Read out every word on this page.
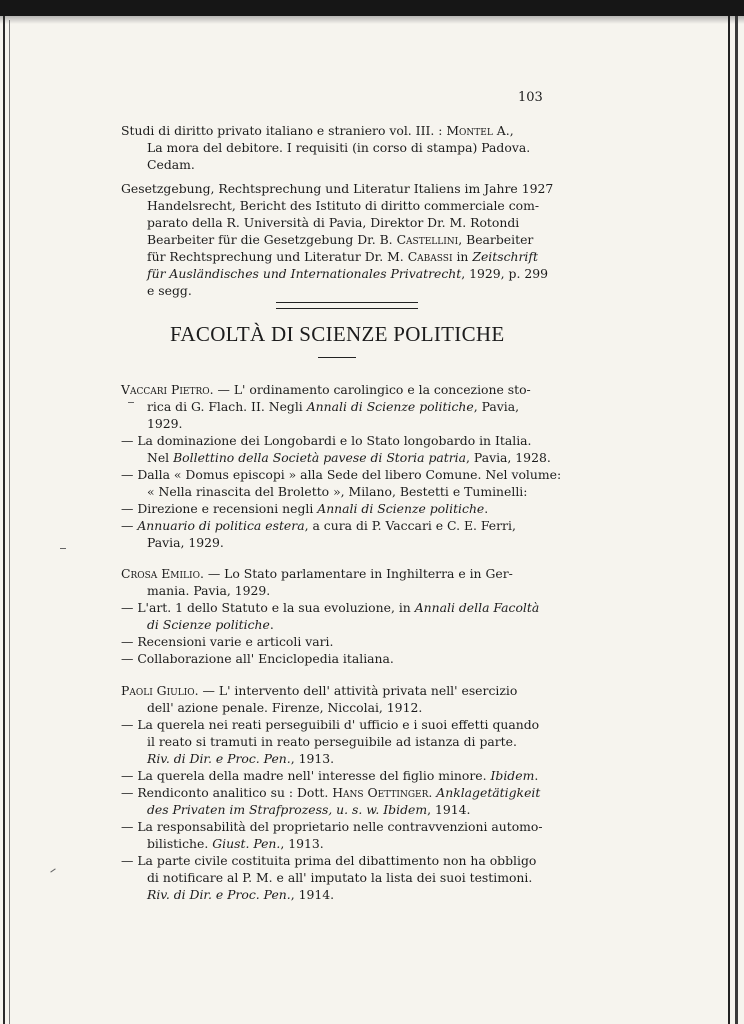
103

Studi di diritto privato italiano e straniero vol. III. : Montel A.,

La mora del debitore. I requisiti (in corso di stampa) Padova.

Cedam.

Gesetzgebung, Rechtsprechung und Literatur Italiens im Jahre 1927

Handelsrecht, Bericht des Istituto di diritto commerciale com-

parato della R. Università di Pavia, Direktor Dr. M. Rotondi

Bearbeiter für die Gesetzgebung Dr. B. Castellini, Bearbeiter

für Rechtsprechung und Literatur Dr. M. Cabassi in Zeitschrift

für Ausländisches und Internationales Privatrecht, 1929, p. 299

e segg.

FACOLTÀ DI SCIENZE POLITICHE

Vaccari Pietro. — L' ordinamento carolingico e la concezione sto-

rica di G. Flach. II. Negli Annali di Scienze politiche, Pavia,

1929.

— La dominazione dei Longobardi e lo Stato longobardo in Italia.

Nel Bollettino della Società pavese di Storia patria, Pavia, 1928.

— Dalla « Domus episcopi » alla Sede del libero Comune. Nel volume:

« Nella rinascita del Broletto », Milano, Bestetti e Tuminelli:

— Direzione e recensioni negli Annali di Scienze politiche.

— Annuario di politica estera, a cura di P. Vaccari e C. E. Ferri,

Pavia, 1929.

Crosa Emilio. — Lo Stato parlamentare in Inghilterra e in Ger-

mania. Pavia, 1929.

— L'art. 1 dello Statuto e la sua evoluzione, in Annali della Facoltà

di Scienze politiche.

— Recensioni varie e articoli vari.

— Collaborazione all' Enciclopedia italiana.

Paoli Giulio. — L' intervento dell' attività privata nell' esercizio

dell' azione penale. Firenze, Niccolai, 1912.

— La querela nei reati perseguibili d' ufficio e i suoi effetti quando

il reato si tramuti in reato perseguibile ad istanza di parte.

Riv. di Dir. e Proc. Pen., 1913.

— La querela della madre nell' interesse del figlio minore. Ibidem.

— Rendiconto analitico su : Dott. Hans Oettinger. Anklagetätigkeit

des Privaten im Strafprozess, u. s. w. Ibidem, 1914.

— La responsabilità del proprietario nelle contravvenzioni automo-

bilistiche. Giust. Pen., 1913.

— La parte civile costituita prima del dibattimento non ha obbligo

di notificare al P. M. e all' imputato la lista dei suoi testimoni.

Riv. di Dir. e Proc. Pen., 1914.
